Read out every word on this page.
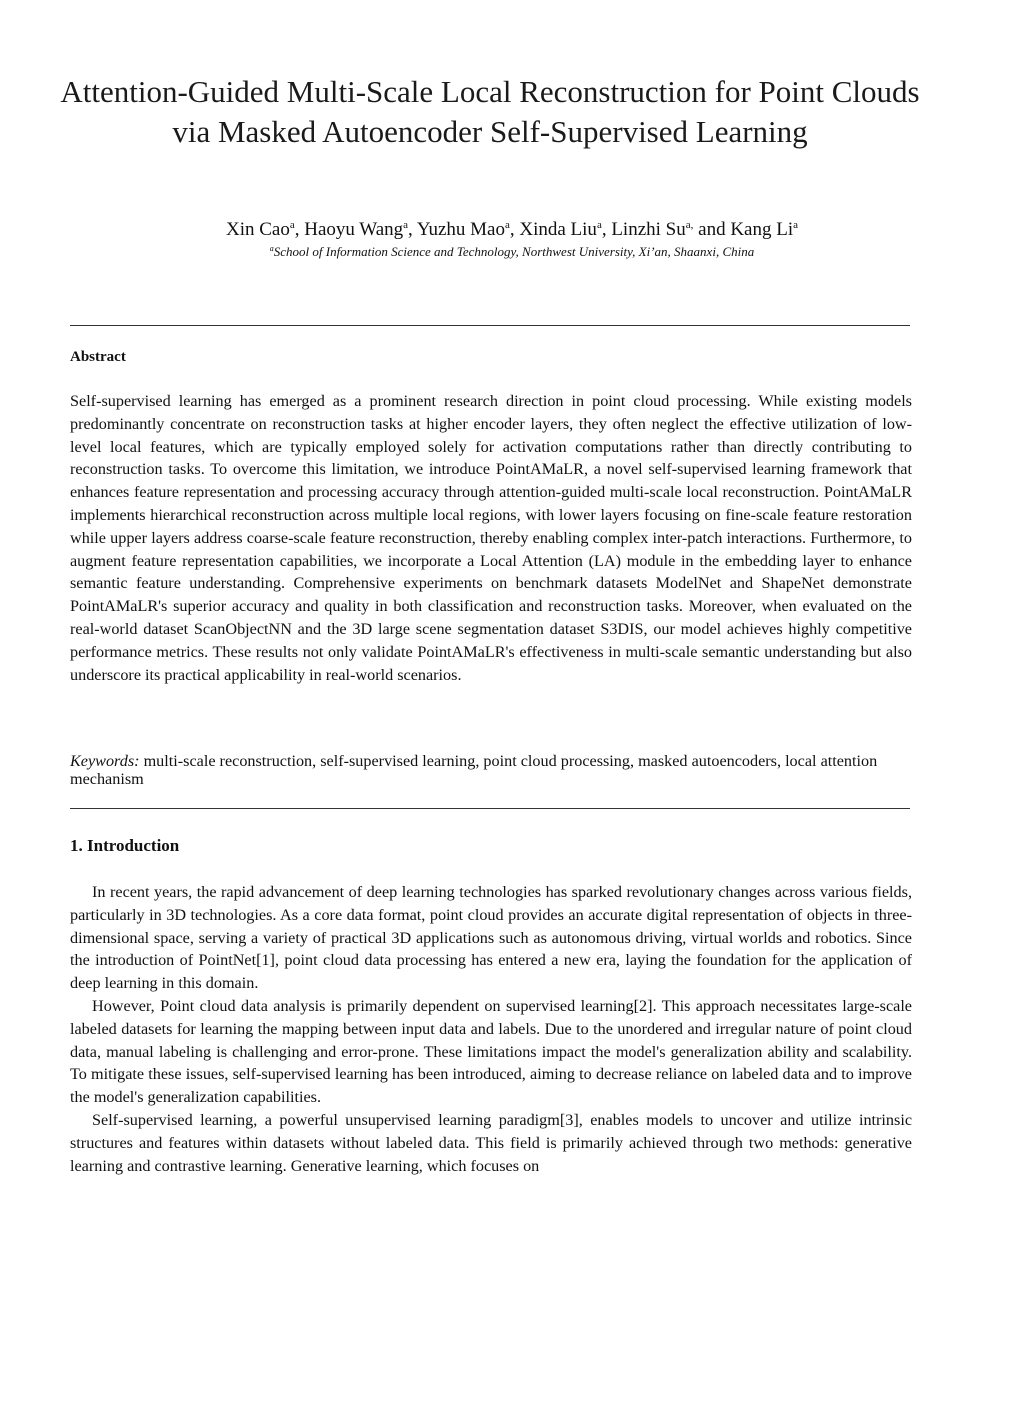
Attention-Guided Multi-Scale Local Reconstruction for Point Clouds via Masked Autoencoder Self-Supervised Learning
Xin Cao$^a$, Haoyu Wang$^a$, Yuzhu Mao$^a$, Xinda Liu$^a$, Linzhi $Su^{a,}$ and Kang Li$^a$
$^a$School of Information Science and Technology, Northwest University, Xi’an, Shaanxi, China
Abstract

Self-supervised learning has emerged as a prominent research direction in point cloud processing. While existing models predominantly concentrate on reconstruction tasks at higher encoder layers, they often neglect the effective utilization of low-level local features, which are typically employed solely for activation computations rather than directly contributing to reconstruction tasks. To overcome this limitation, we introduce PointAMaLR, a novel self-supervised learning framework that enhances feature representation and processing accuracy through attention-guided multi-scale local reconstruction. PointAMaLR implements hierarchical reconstruction across multiple local regions, with lower layers focusing on fine-scale feature restoration while upper layers address coarse-scale feature reconstruction, thereby enabling complex inter-patch interactions. Furthermore, to augment feature representation capabilities, we incorporate a Local Attention (LA) module in the embedding layer to enhance semantic feature understanding. Comprehensive experiments on benchmark datasets ModelNet and ShapeNet demonstrate PointAMaLR's superior accuracy and quality in both classification and reconstruction tasks. Moreover, when evaluated on the real-world dataset ScanObjectNN and the 3D large scene segmentation dataset S3DIS, our model achieves highly competitive performance metrics. These results not only validate PointAMaLR's effectiveness in multi-scale semantic understanding but also underscore its practical applicability in real-world scenarios.

Keywords: multi-scale reconstruction, self-supervised learning, point cloud processing, masked autoencoders, local attention mechanism

1. Introduction

In recent years, the rapid advancement of deep learning technologies has sparked revolutionary changes across various fields, particularly in 3D technologies. As a core data format, point cloud provides an accurate digital representation of objects in three-dimensional space, serving a variety of practical 3D applications such as autonomous driving, virtual worlds and robotics. Since the introduction of PointNet[1], point cloud data processing has entered a new era, laying the foundation for the application of deep learning in this domain.

However, Point cloud data analysis is primarily dependent on supervised learning[2]. This approach necessitates large-scale labeled datasets for learning the mapping between input data and labels. Due to the unordered and irregular nature of point cloud data, manual labeling is challenging and error-prone. These limitations impact the model's generalization ability and scalability. To mitigate these issues, self-supervised learning has been introduced, aiming to decrease reliance on labeled data and to improve the model's generalization capabilities.

Self-supervised learning, a powerful unsupervised learning paradigm[3], enables models to uncover and utilize intrinsic structures and features within datasets without labeled data. This field is primarily achieved through two methods: generative learning and contrastive learning. Generative learning, which focuses on
